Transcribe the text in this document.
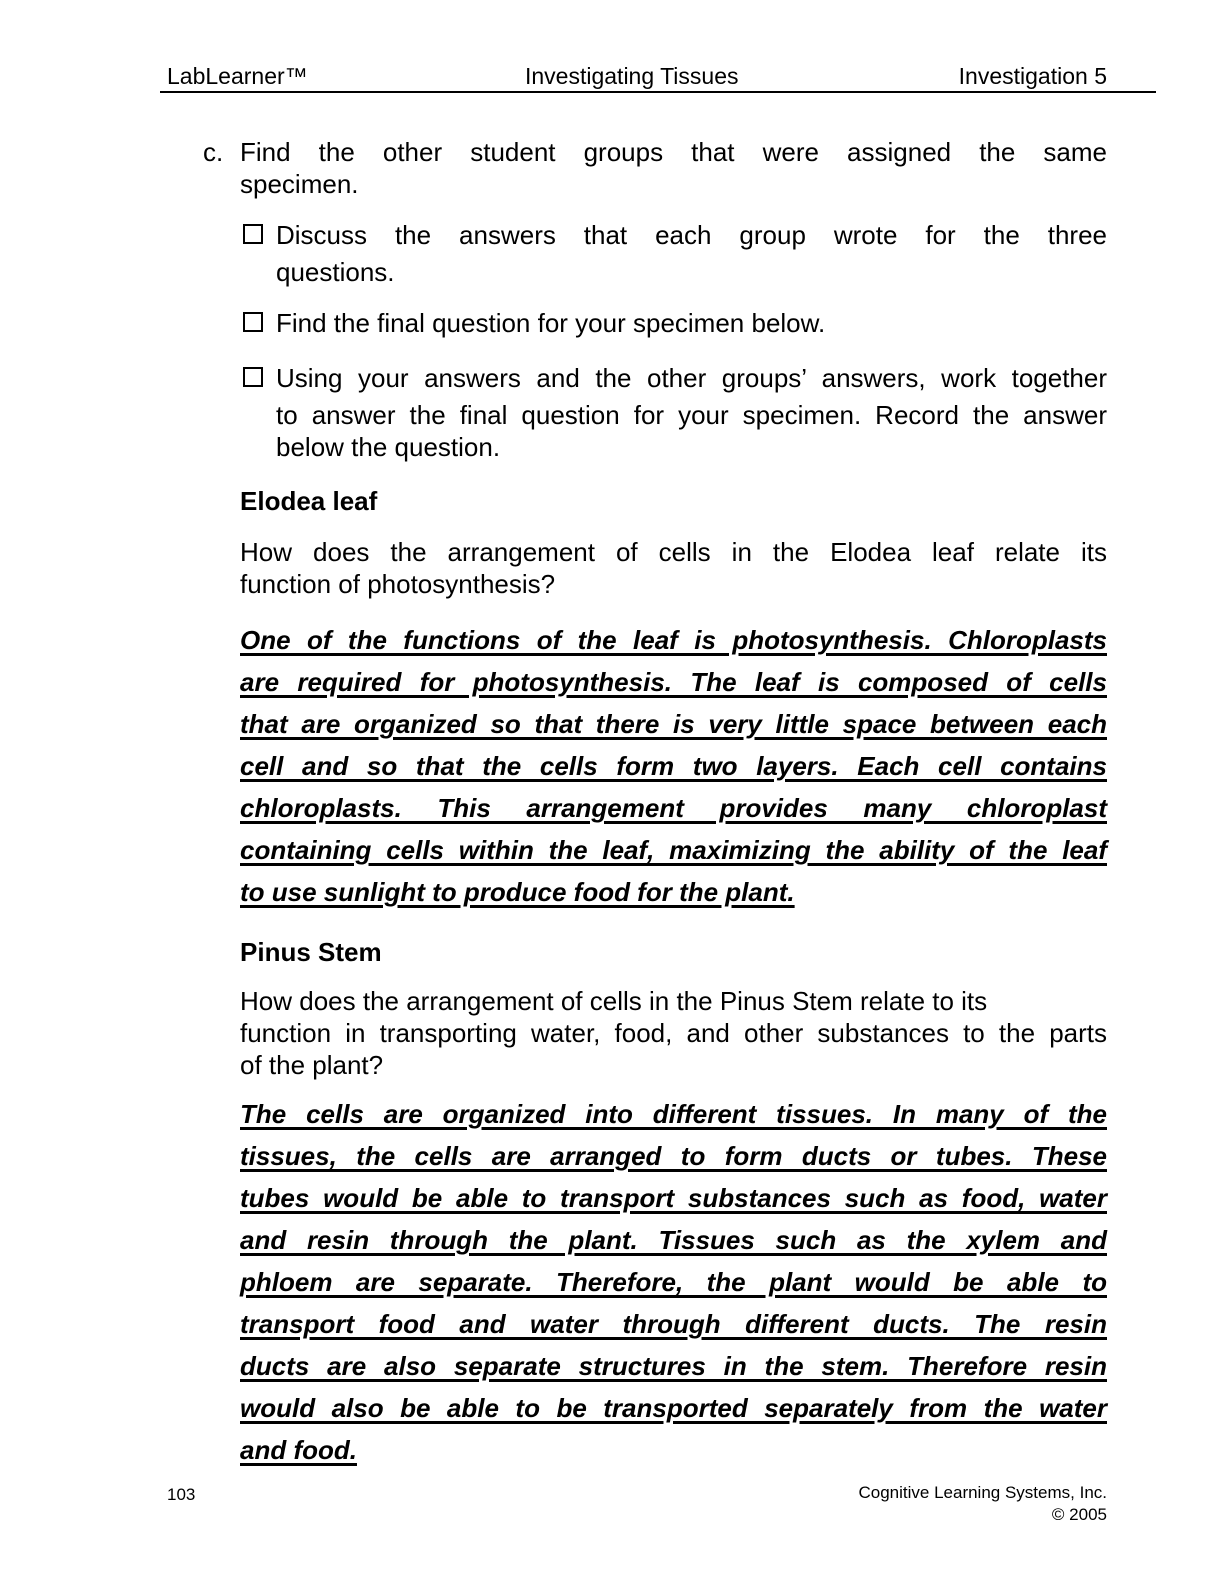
LabLearner™	Investigating Tissues	Investigation 5
c. Find the other student groups that were assigned the same
specimen.
Discuss the answers that each group wrote for the three
questions.
Find the final question for your specimen below.
Using your answers and the other groups’ answers, work together
to answer the final question for your specimen. Record the answer
below the question.
Elodea leaf
How does the arrangement of cells in the Elodea leaf relate its
function of photosynthesis?
One of the functions of the leaf is photosynthesis. Chloroplasts
are required for photosynthesis. The leaf is composed of cells
that are organized so that there is very little space between each
cell and so that the cells form two layers. Each cell contains
chloroplasts. This arrangement provides many chloroplast
containing cells within the leaf, maximizing the ability of the leaf
to use sunlight to produce food for the plant.
Pinus Stem
How does the arrangement of cells in the Pinus Stem relate to its
function in transporting water, food, and other substances to the parts
of the plant?
The cells are organized into different tissues. In many of the
tissues, the cells are arranged to form ducts or tubes. These
tubes would be able to transport substances such as food, water
and resin through the plant. Tissues such as the xylem and
phloem are separate. Therefore, the plant would be able to
transport food and water through different ducts. The resin
ducts are also separate structures in the stem. Therefore resin
would also be able to be transported separately from the water
and food.
103	Cognitive Learning Systems, Inc.
© 2005
